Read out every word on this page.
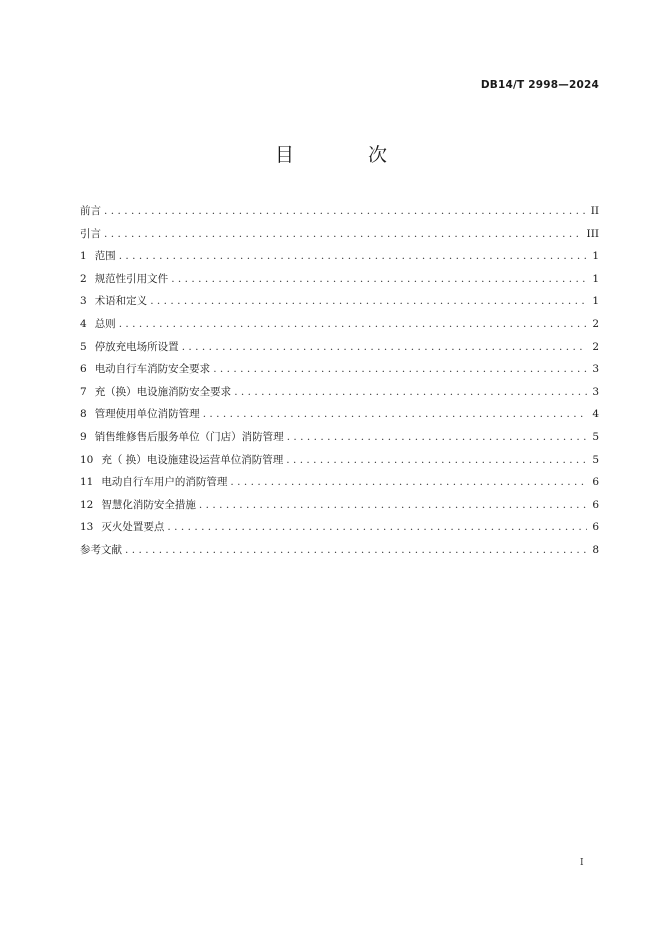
DB14/T 2998—2024
目 次
前言 .....	II
引言 .....	III
1 范围 .....	1
2 规范性引用文件 .....	1
3 术语和定义 .....	1
4 总则 .....	2
5 停放充电场所设置 .....	2
6 电动自行车消防安全要求 .....	3
7 充（换）电设施消防安全要求 .....	3
8 管理使用单位消防管理 .....	4
9 销售维修售后服务单位（门店）消防管理 .....	5
10 充（ 换）电设施建设运营单位消防管理 .....	5
11 电动自行车用户的消防管理 .....	6
12 智慧化消防安全措施 .....	6
13 灭火处置要点 .....	6
参考文献 .....	8
I
